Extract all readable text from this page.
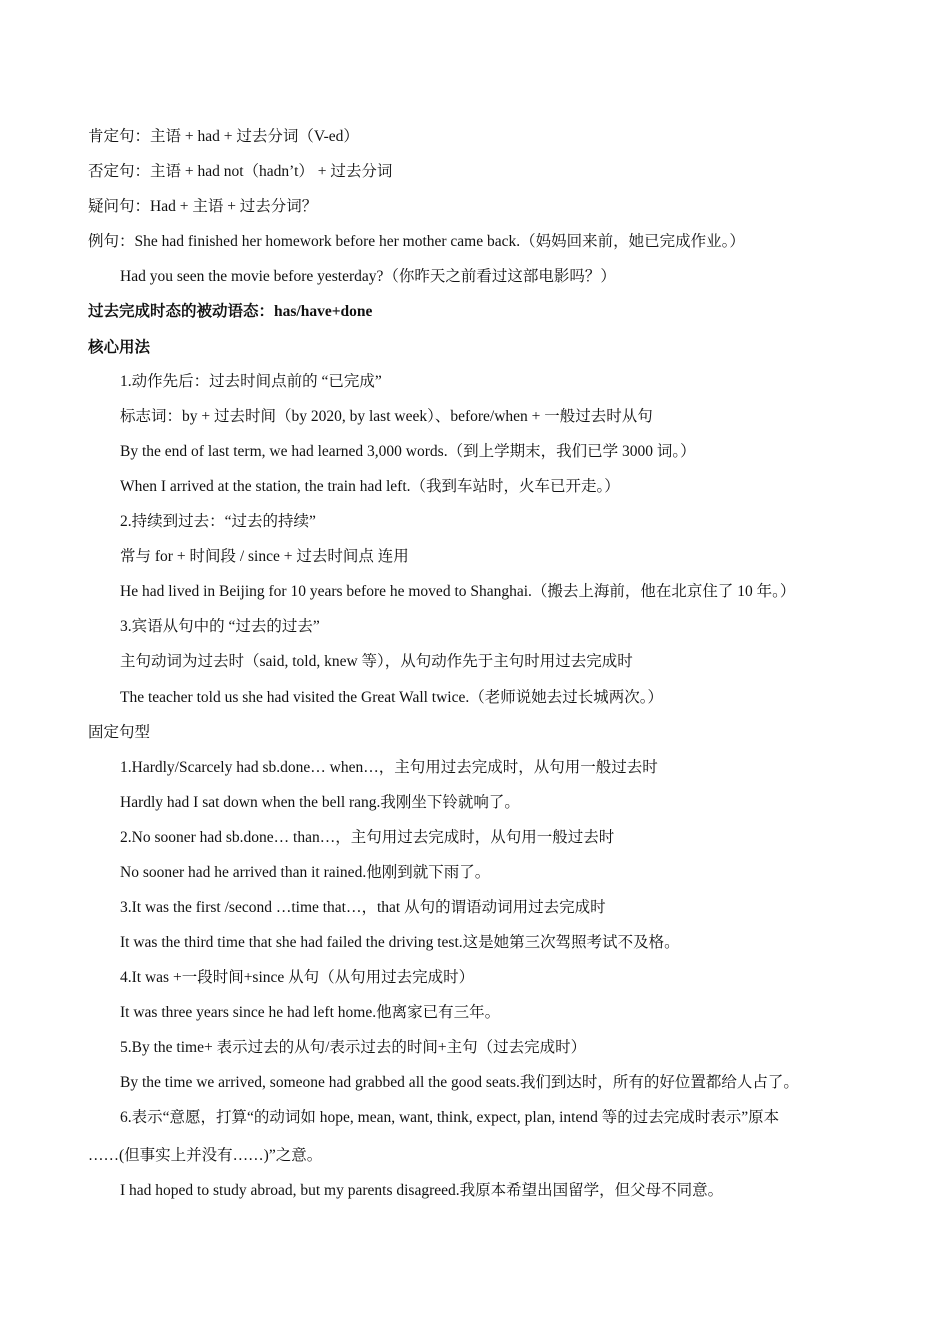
肯定句：主语 + had + 过去分词（V-ed）
否定句：主语 + had not（hadn’t） + 过去分词
疑问句：Had + 主语 + 过去分词？
例句：She had finished her homework before her mother came back.（妈妈回来前，她已完成作业。）
Had you seen the movie before yesterday?（你昨天之前看过这部电影吗？）
过去完成时态的被动语态：has/have+done
核心用法
1.动作先后：过去时间点前的 “已完成”
标志词：by + 过去时间（by 2020, by last week）、before/when + 一般过去时从句
By the end of last term, we had learned 3,000 words.（到上学期末，我们已学 3000 词。）
When I arrived at the station, the train had left.（我到车站时，火车已开走。）
2.持续到过去：“过去的持续”
常与 for + 时间段 / since + 过去时间点 连用
He had lived in Beijing for 10 years before he moved to Shanghai.（搬去上海前，他在北京住了 10 年。）
3.宾语从句中的 “过去的过去”
主句动词为过去时（said, told, knew 等），从句动作先于主句时用过去完成时
The teacher told us she had visited the Great Wall twice.（老师说她去过长城两次。）
固定句型
1.Hardly/Scarcely had sb.done… when…，主句用过去完成时，从句用一般过去时
Hardly had I sat down when the bell rang.我刚坐下铃就响了。
2.No sooner had sb.done… than…，主句用过去完成时，从句用一般过去时
No sooner had he arrived than it rained.他刚到就下雨了。
3.It was the first /second …time that…，that 从句的谓语动词用过去完成时
It was the third time that she had failed the driving test.这是她第三次驾照考试不及格。
4.It was +一段时间+since 从句（从句用过去完成时）
It was three years since he had left home.他离家已有三年。
5.By the time+ 表示过去的从句/表示过去的时间+主句（过去完成时）
By the time we arrived, someone had grabbed all the good seats.我们到达时，所有的好位置都给人占了。
6.表示“意愿，打算“的动词如 hope, mean, want, think, expect, plan, intend 等的过去完成时表示”原本
……(但事实上并没有……)”之意。
I had hoped to study abroad, but my parents disagreed.我原本希望出国留学，但父母不同意。
